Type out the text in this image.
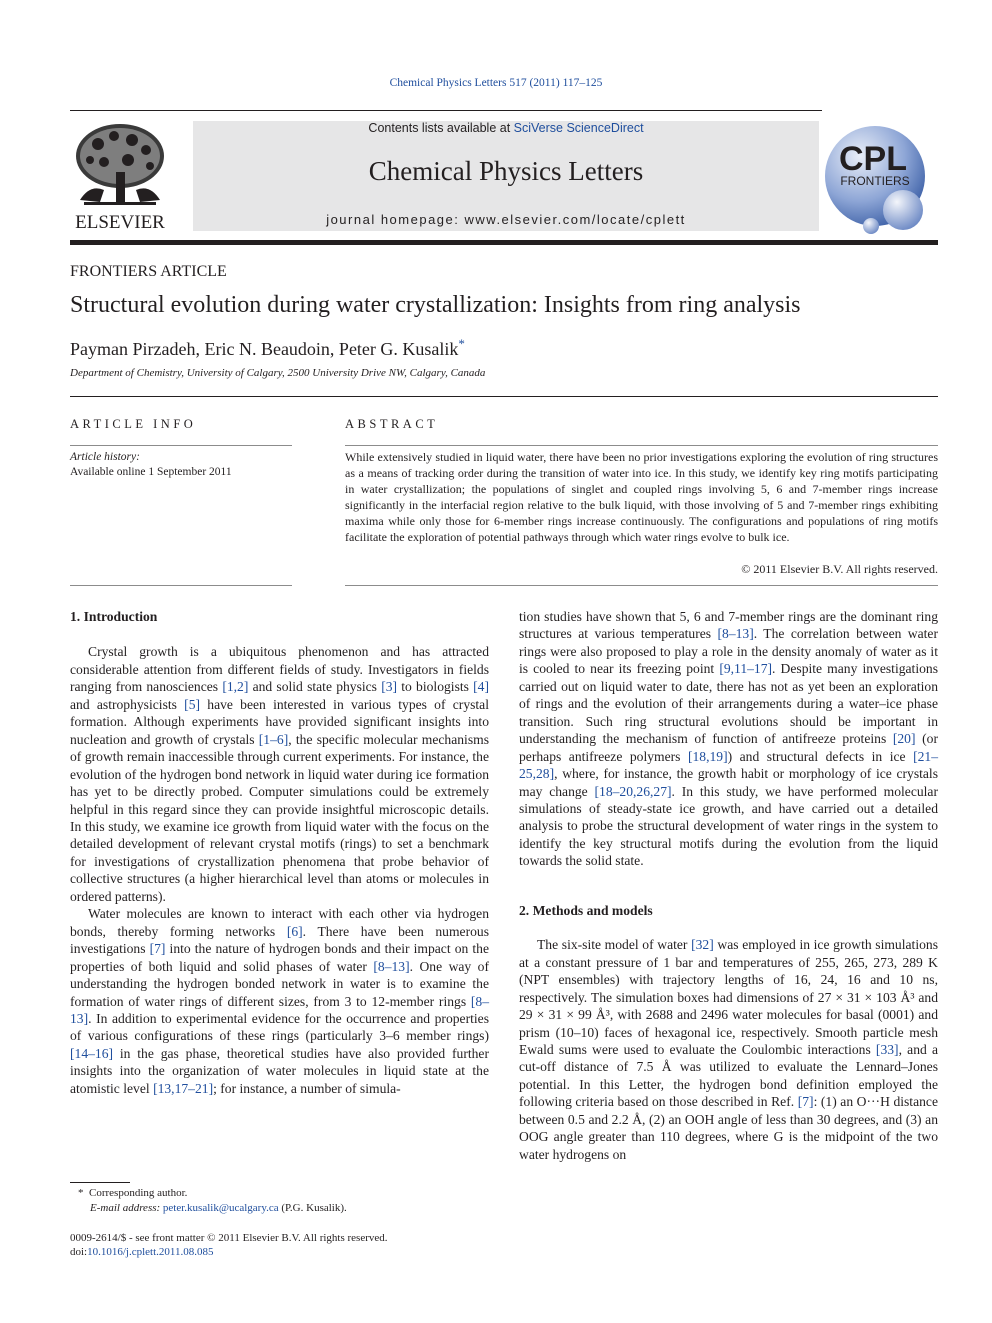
Chemical Physics Letters 517 (2011) 117–125
ELSEVIER
Contents lists available at SciVerse ScienceDirect
Chemical Physics Letters
journal homepage: www.elsevier.com/locate/cplett
CPL
FRONTIERS
FRONTIERS ARTICLE
Structural evolution during water crystallization: Insights from ring analysis
Payman Pirzadeh, Eric N. Beaudoin, Peter G. Kusalik*
Department of Chemistry, University of Calgary, 2500 University Drive NW, Calgary, Canada
ARTICLE INFO
Article history:
Available online 1 September 2011
ABSTRACT
While extensively studied in liquid water, there have been no prior investigations exploring the evolution of ring structures as a means of tracking order during the transition of water into ice. In this study, we identify key ring motifs participating in water crystallization; the populations of singlet and coupled rings involving 5, 6 and 7-member rings increase significantly in the interfacial region relative to the bulk liquid, with those involving of 5 and 7-member rings exhibiting maxima while only those for 6-member rings increase continuously. The configurations and populations of ring motifs facilitate the exploration of potential pathways through which water rings evolve to bulk ice.
© 2011 Elsevier B.V. All rights reserved.
1. Introduction

Crystal growth is a ubiquitous phenomenon and has attracted considerable attention from different fields of study. Investigators in fields ranging from nanosciences [1,2] and solid state physics [3] to biologists [4] and astrophysicists [5] have been interested in various types of crystal formation. Although experiments have provided significant insights into nucleation and growth of crystals [1–6], the specific molecular mechanisms of growth remain inaccessible through current experiments. For instance, the evolution of the hydrogen bond network in liquid water during ice formation has yet to be directly probed. Computer simulations could be extremely helpful in this regard since they can provide insightful microscopic details. In this study, we examine ice growth from liquid water with the focus on the detailed development of relevant crystal motifs (rings) to set a benchmark for investigations of crystallization phenomena that probe behavior of collective structures (a higher hierarchical level than atoms or molecules in ordered patterns).

Water molecules are known to interact with each other via hydrogen bonds, thereby forming networks [6]. There have been numerous investigations [7] into the nature of hydrogen bonds and their impact on the properties of both liquid and solid phases of water [8–13]. One way of understanding the hydrogen bonded network in water is to examine the formation of water rings of different sizes, from 3 to 12-member rings [8–13]. In addition to experimental evidence for the occurrence and properties of various configurations of these rings (particularly 3–6 member rings) [14–16] in the gas phase, theoretical studies have also provided further insights into the organization of water molecules in liquid state at the atomistic level [13,17–21]; for instance, a number of simula-

tion studies have shown that 5, 6 and 7-member rings are the dominant ring structures at various temperatures [8–13]. The correlation between water rings were also proposed to play a role in the density anomaly of water as it is cooled to near its freezing point [9,11–17]. Despite many investigations carried out on liquid water to date, there has not as yet been an exploration of rings and the evolution of their arrangements during a water–ice phase transition. Such ring structural evolutions should be important in understanding the mechanism of function of antifreeze proteins [20] (or perhaps antifreeze polymers [18,19]) and structural defects in ice [21–25,28], where, for instance, the growth habit or morphology of ice crystals may change [18–20,26,27]. In this study, we have performed molecular simulations of steady-state ice growth, and have carried out a detailed analysis to probe the structural development of water rings in the system to identify the key structural motifs during the evolution from the liquid towards the solid state.

2. Methods and models

The six-site model of water [32] was employed in ice growth simulations at a constant pressure of 1 bar and temperatures of 255, 265, 273, 289 K (NPT ensembles) with trajectory lengths of 16, 24, 16 and 10 ns, respectively. The simulation boxes had dimensions of 27 × 31 × 103 Å³ and 29 × 31 × 99 Å³, with 2688 and 2496 water molecules for basal (0001) and prism (10–10) faces of hexagonal ice, respectively. Smooth particle mesh Ewald sums were used to evaluate the Coulombic interactions [33], and a cut-off distance of 7.5 Å was utilized to evaluate the Lennard–Jones potential. In this Letter, the hydrogen bond definition employed the following criteria based on those described in Ref. [7]: (1) an O···H distance between 0.5 and 2.2 Å, (2) an OOH angle of less than 30 degrees, and (3) an OOG angle greater than 110 degrees, where G is the midpoint of the two water hydrogens on

* Corresponding author.
E-mail address: peter.kusalik@ucalgary.ca (P.G. Kusalik).
0009-2614/$ - see front matter © 2011 Elsevier B.V. All rights reserved.
doi:10.1016/j.cplett.2011.08.085
